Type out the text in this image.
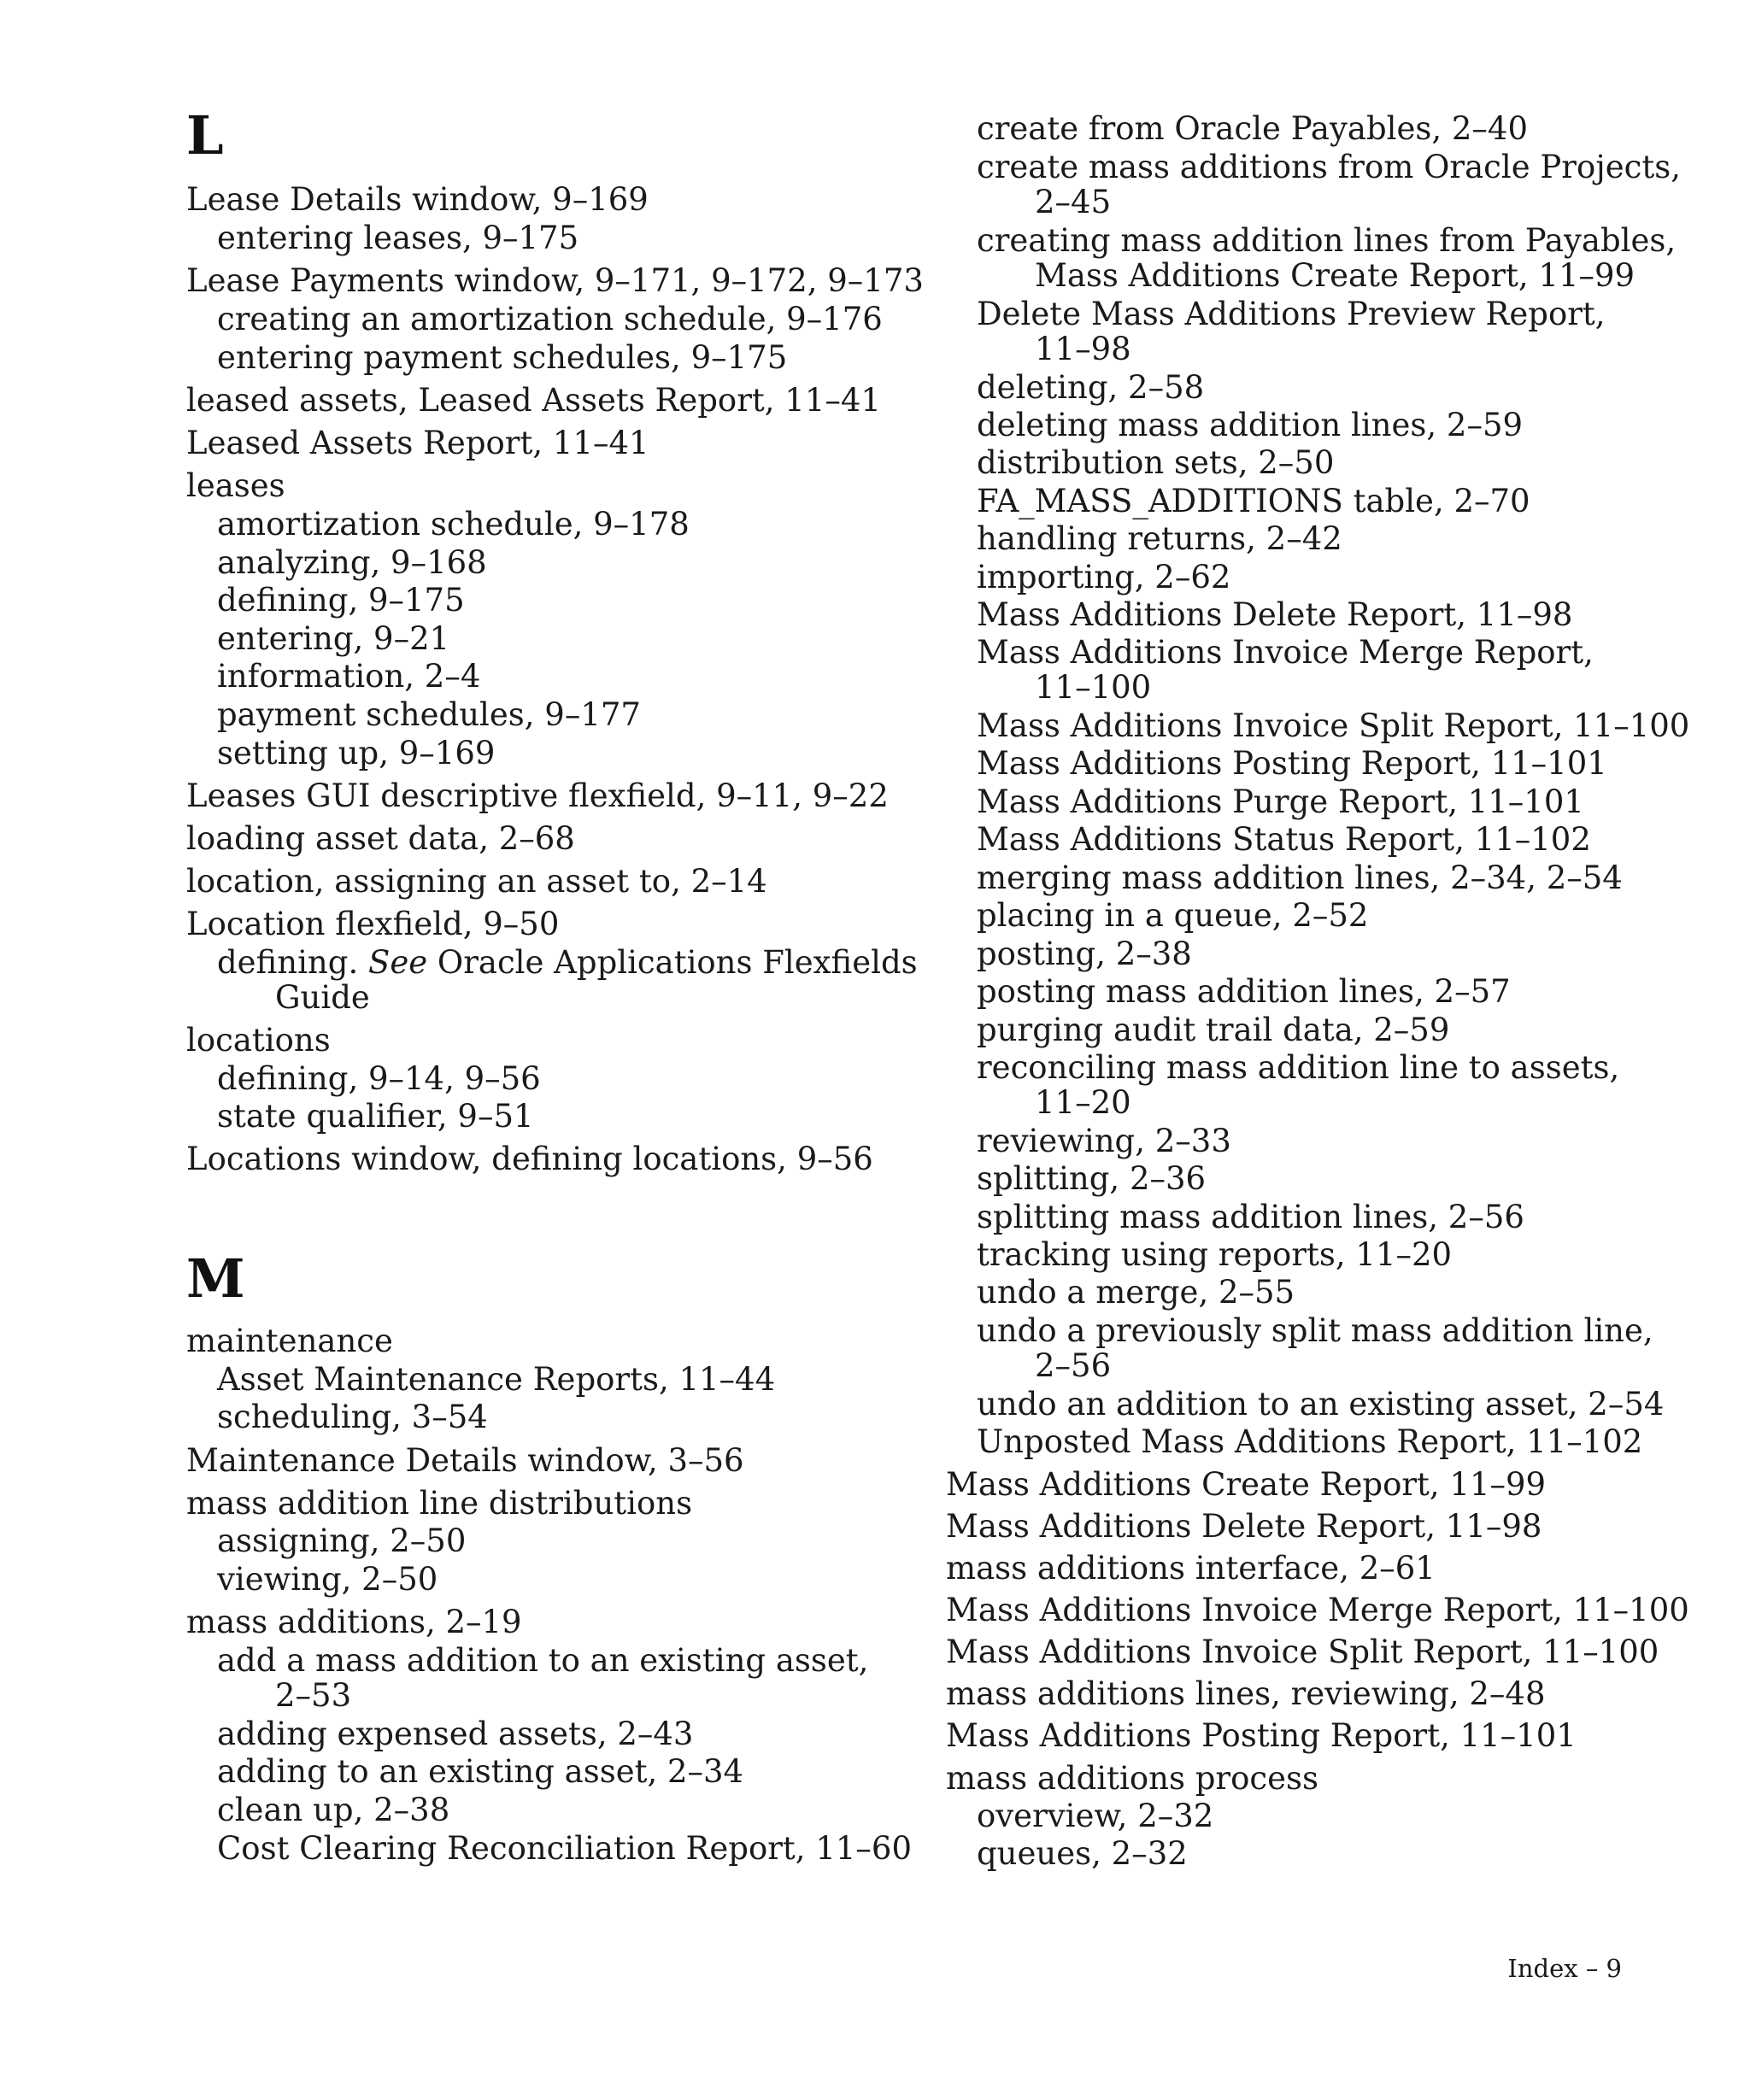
L
Lease Details window, 9–169
entering leases, 9–175
Lease Payments window, 9–171, 9–172, 9–173
creating an amortization schedule, 9–176
entering payment schedules, 9–175
leased assets, Leased Assets Report, 11–41
Leased Assets Report, 11–41
leases
amortization schedule, 9–178
analyzing, 9–168
defining, 9–175
entering, 9–21
information, 2–4
payment schedules, 9–177
setting up, 9–169
Leases GUI descriptive flexfield, 9–11, 9–22
loading asset data, 2–68
location, assigning an asset to, 2–14
Location flexfield, 9–50
defining. See Oracle Applications Flexfields
Guide
locations
defining, 9–14, 9–56
state qualifier, 9–51
Locations window, defining locations, 9–56
M
maintenance
Asset Maintenance Reports, 11–44
scheduling, 3–54
Maintenance Details window, 3–56
mass addition line distributions
assigning, 2–50
viewing, 2–50
mass additions, 2–19
add a mass addition to an existing asset,
2–53
adding expensed assets, 2–43
adding to an existing asset, 2–34
clean up, 2–38
Cost Clearing Reconciliation Report, 11–60
create from Oracle Payables, 2–40
create mass additions from Oracle Projects,
2–45
creating mass addition lines from Payables,
Mass Additions Create Report, 11–99
Delete Mass Additions Preview Report,
11–98
deleting, 2–58
deleting mass addition lines, 2–59
distribution sets, 2–50
FA_MASS_ADDITIONS table, 2–70
handling returns, 2–42
importing, 2–62
Mass Additions Delete Report, 11–98
Mass Additions Invoice Merge Report,
11–100
Mass Additions Invoice Split Report, 11–100
Mass Additions Posting Report, 11–101
Mass Additions Purge Report, 11–101
Mass Additions Status Report, 11–102
merging mass addition lines, 2–34, 2–54
placing in a queue, 2–52
posting, 2–38
posting mass addition lines, 2–57
purging audit trail data, 2–59
reconciling mass addition line to assets,
11–20
reviewing, 2–33
splitting, 2–36
splitting mass addition lines, 2–56
tracking using reports, 11–20
undo a merge, 2–55
undo a previously split mass addition line,
2–56
undo an addition to an existing asset, 2–54
Unposted Mass Additions Report, 11–102
Mass Additions Create Report, 11–99
Mass Additions Delete Report, 11–98
mass additions interface, 2–61
Mass Additions Invoice Merge Report, 11–100
Mass Additions Invoice Split Report, 11–100
mass additions lines, reviewing, 2–48
Mass Additions Posting Report, 11–101
mass additions process
overview, 2–32
queues, 2–32
Index – 9
